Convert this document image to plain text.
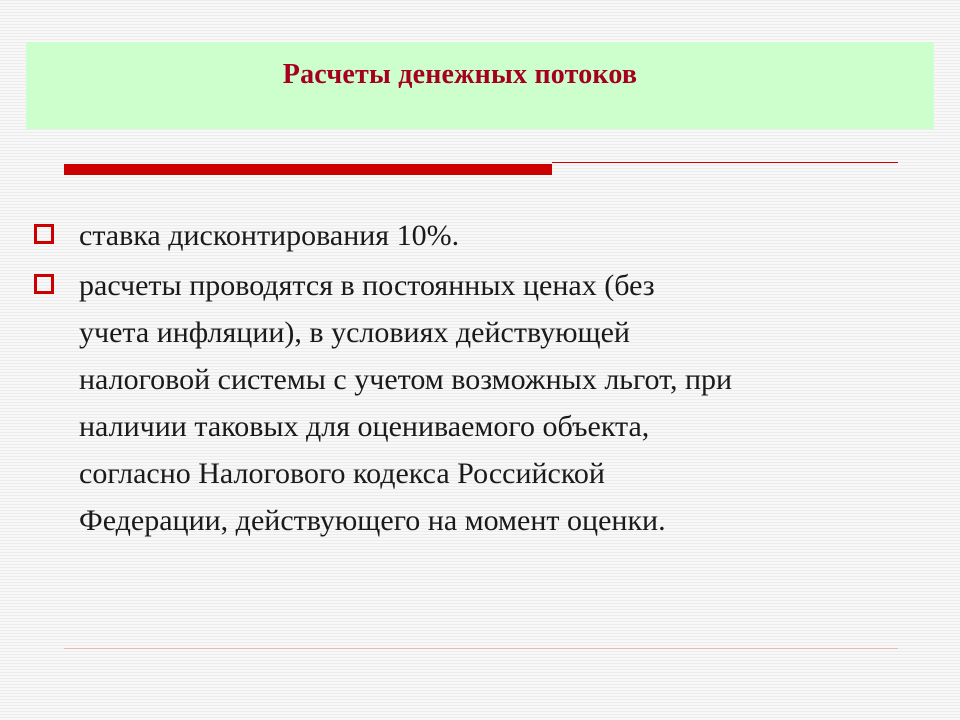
Расчеты денежных потоков
ставка дисконтирования 10%.
расчеты проводятся в постоянных ценах (без
учета инфляции), в условиях действующей
налоговой системы с учетом возможных льгот, при
наличии таковых для оцениваемого объекта,
согласно Налогового кодекса Российской
Федерации, действующего на момент оценки.
